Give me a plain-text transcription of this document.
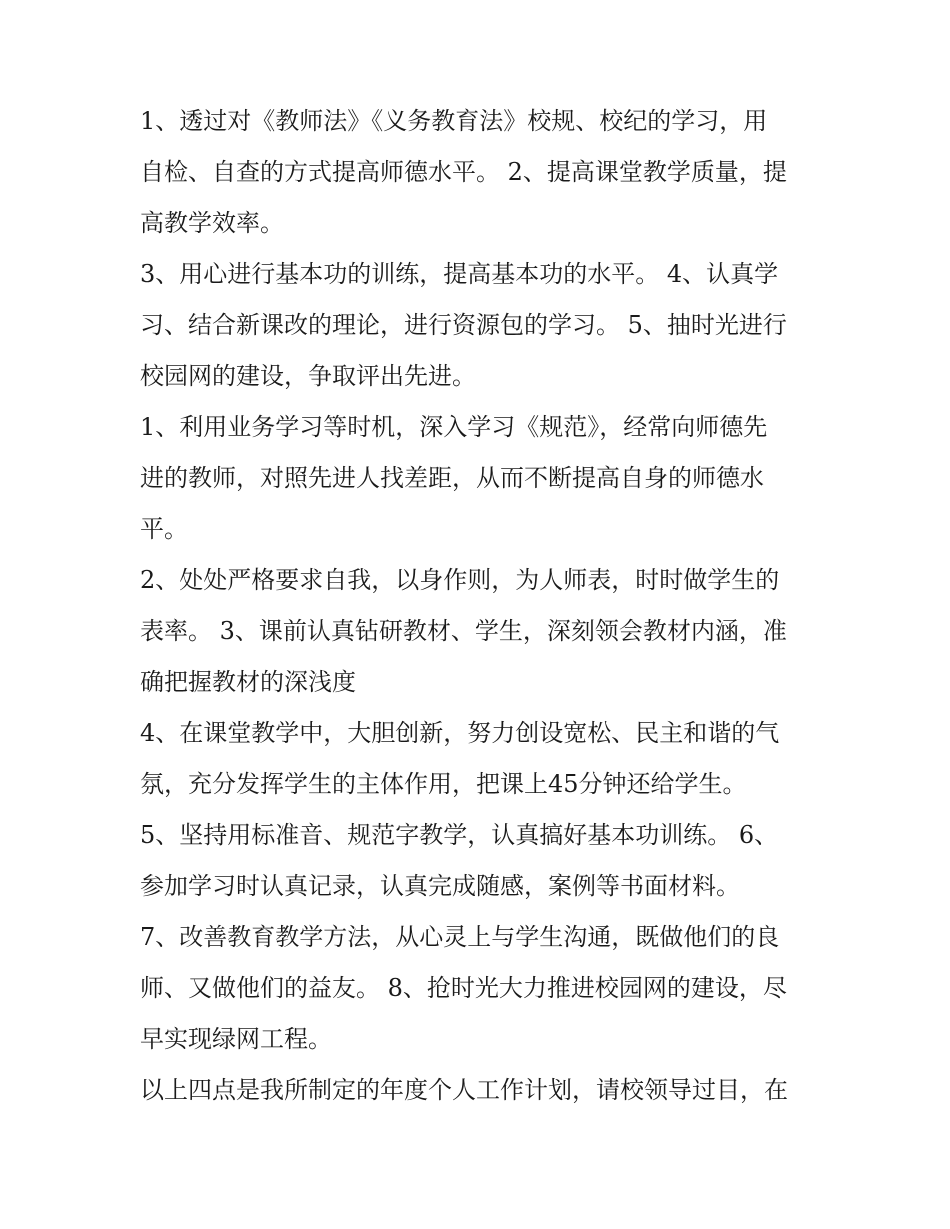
1、透过对《教师法》《义务教育法》校规、校纪的学习，用

自检、自查的方式提高师德水平。 2、提高课堂教学质量，提

高教学效率。

3、用心进行基本功的训练，提高基本功的水平。 4、认真学

习、结合新课改的理论，进行资源包的学习。 5、抽时光进行

校园网的建设，争取评出先进。

1、利用业务学习等时机，深入学习《规范》，经常向师德先

进的教师，对照先进人找差距，从而不断提高自身的师德水

平。

2、处处严格要求自我，以身作则，为人师表，时时做学生的

表率。 3、课前认真钻研教材、学生，深刻领会教材内涵，准

确把握教材的深浅度

4、在课堂教学中，大胆创新，努力创设宽松、民主和谐的气

氛，充分发挥学生的主体作用，把课上45分钟还给学生。

5、坚持用标准音、规范字教学，认真搞好基本功训练。 6、

参加学习时认真记录，认真完成随感，案例等书面材料。

7、改善教育教学方法，从心灵上与学生沟通，既做他们的良

师、又做他们的益友。 8、抢时光大力推进校园网的建设，尽

早实现绿网工程。

以上四点是我所制定的年度个人工作计划，请校领导过目，在
